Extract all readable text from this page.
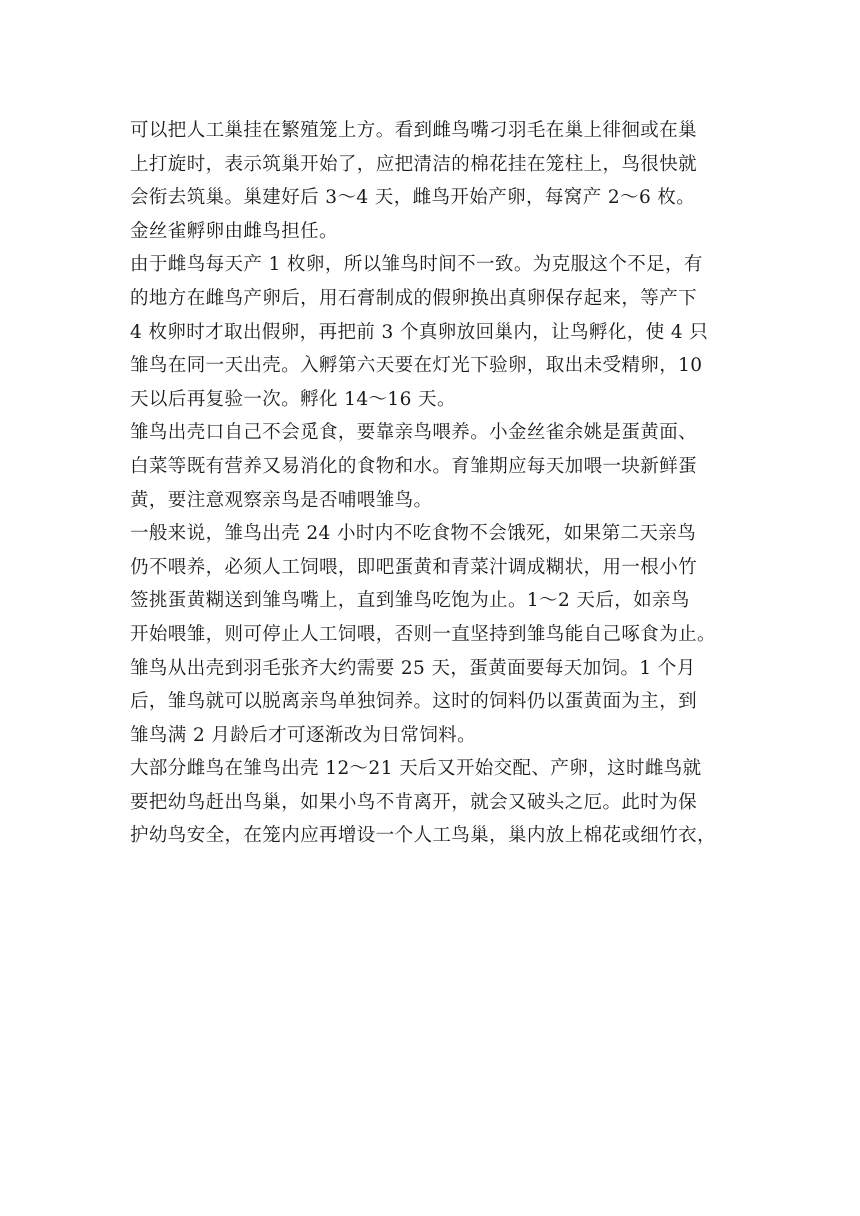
可以把人工巢挂在繁殖笼上方。看到雌鸟嘴刁羽毛在巢上徘徊或在巢
上打旋时，表示筑巢开始了，应把清洁的棉花挂在笼柱上，鸟很快就
会衔去筑巢。巢建好后 3～4 天，雌鸟开始产卵，每窝产 2～6 枚。
金丝雀孵卵由雌鸟担任。
由于雌鸟每天产 1 枚卵，所以雏鸟时间不一致。为克服这个不足，有
的地方在雌鸟产卵后，用石膏制成的假卵换出真卵保存起来，等产下
4 枚卵时才取出假卵，再把前 3 个真卵放回巢内，让鸟孵化，使 4 只
雏鸟在同一天出壳。入孵第六天要在灯光下验卵，取出未受精卵，10
天以后再复验一次。孵化 14～16 天。
雏鸟出壳口自己不会觅食，要靠亲鸟喂养。小金丝雀余姚是蛋黄面、
白菜等既有营养又易消化的食物和水。育雏期应每天加喂一块新鲜蛋
黄，要注意观察亲鸟是否哺喂雏鸟。
一般来说，雏鸟出壳 24 小时内不吃食物不会饿死，如果第二天亲鸟
仍不喂养，必须人工饲喂，即吧蛋黄和青菜汁调成糊状，用一根小竹
签挑蛋黄糊送到雏鸟嘴上，直到雏鸟吃饱为止。1～2 天后，如亲鸟
开始喂雏，则可停止人工饲喂，否则一直坚持到雏鸟能自己啄食为止。
雏鸟从出壳到羽毛张齐大约需要 25 天，蛋黄面要每天加饲。1 个月
后，雏鸟就可以脱离亲鸟单独饲养。这时的饲料仍以蛋黄面为主，到
雏鸟满 2 月龄后才可逐渐改为日常饲料。
大部分雌鸟在雏鸟出壳 12～21 天后又开始交配、产卵，这时雌鸟就
要把幼鸟赶出鸟巢，如果小鸟不肯离开，就会又破头之厄。此时为保
护幼鸟安全，在笼内应再增设一个人工鸟巢，巢内放上棉花或细竹衣，
